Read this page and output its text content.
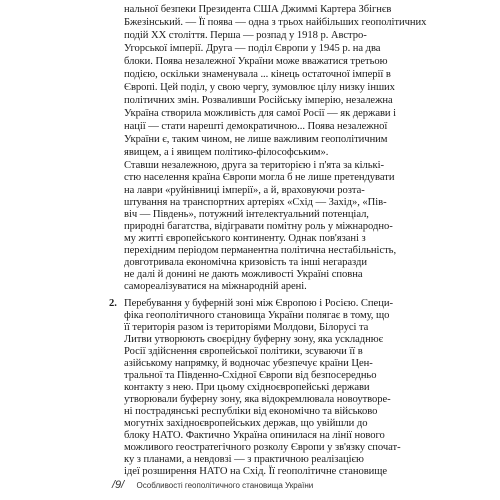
нальної безпеки Президента США Джиммі Картера Збігнєв
Бжезінський. — Її поява — одна з трьох найбільших геополітичних
подій XX століття. Перша — розпад у 1918 р. Австро-
Угорської імперії. Друга — поділ Європи у 1945 р. на два
блоки. Поява незалежної України може вважатися третьою
подією, оскільки знаменувала ... кінець остаточної імперії в
Європі. Цей поділ, у свою чергу, зумовлює цілу низку інших
політичних змін. Розваливши Російську імперію, незалежна
Україна створила можливість для самої Росії — як держави і
нації — стати нарешті демократичною... Поява незалежної
України є, таким чином, не лише важливим геополітичним
явищем, а і явищем політико-філософським».
Ставши незалежною, друга за територією і п'ята за кількі-
стю населення країна Європи могла б не лише претендувати
на лаври «руйнівниці імперії», а й, враховуючи розта-
штування на транспортних артеріях «Схід — Захід», «Пів-
віч — Південь», потужний інтелектуальний потенціал,
природні багатства, відігравати помітну роль у міжнародно-
му житті європейського континенту. Однак пов'язані з
перехідним періодом перманентна політична нестабільність,
довготривала економічна кризовість та інші негаразди
не далі й донині не дають можливості Україні сповна
самореалізуватися на міжнародній арені.
2. Перебування у буферній зоні між Європою і Росією. Специ-
фіка геополітичного становища України полягає в тому, що
її територія разом із територіями Молдови, Білорусі та
Литви утворюють своєрідну буферну зону, яка ускладнює
Росії здійснення європейської політики, зсуваючи її в
азійському напрямку, й водночас убезпечує країни Цен-
тральної та Південно-Східної Європи від безпосередньо
контакту з нею. При цьому східноєвропейські держави
утворювали буферну зону, яка відокремлювала новоутворе-
ні пострадянські республіки від економічно та військово
могутніх західноєвропейських держав, що увійшли до
блоку НАТО. Фактично Україна опинилася на лінії нового
можливого геостратегічного розколу Європи у зв'язку спочат-
ку з планами, а невдовзі — з практичною реалізацією
ідеї розширення НАТО на Схід. Її геополітичне становище
/9/ Особливості геополітичного становища України
